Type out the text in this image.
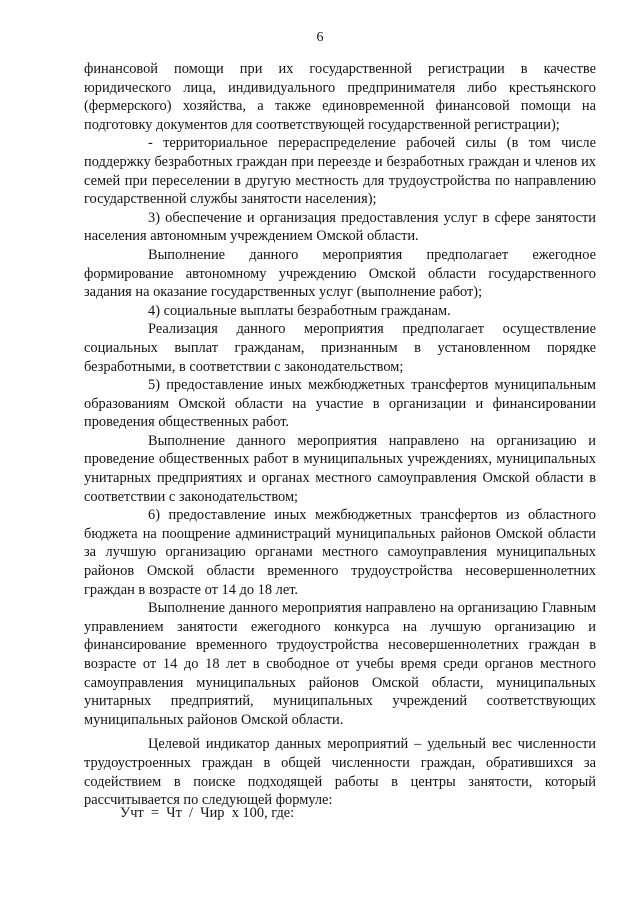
6

финансовой помощи при их государственной регистрации в качестве юридического лица, индивидуального предпринимателя либо крестьянского (фермерского) хозяйства, а также единовременной финансовой помощи на подготовку документов для соответствующей государственной регистрации);

- территориальное перераспределение рабочей силы (в том числе поддержку безработных граждан при переезде и безработных граждан и членов их семей при переселении в другую местность для трудоустройства по направлению государственной службы занятости населения);

3) обеспечение и организация предоставления услуг в сфере занятости населения автономным учреждением Омской области.

Выполнение данного мероприятия предполагает ежегодное формирование автономному учреждению Омской области государственного задания на оказание государственных услуг (выполнение работ);

4) социальные выплаты безработным гражданам.

Реализация данного мероприятия предполагает осуществление социальных выплат гражданам, признанным в установленном порядке безработными, в соответствии с законодательством;

5) предоставление иных межбюджетных трансфертов муниципальным образованиям Омской области на участие в организации и финансировании проведения общественных работ.

Выполнение данного мероприятия направлено на организацию и проведение общественных работ в муниципальных учреждениях, муниципальных унитарных предприятиях и органах местного самоуправления Омской области в соответствии с законодательством;

6) предоставление иных межбюджетных трансфертов из областного бюджета на поощрение администраций муниципальных районов Омской области за лучшую организацию органами местного самоуправления муниципальных районов Омской области временного трудоустройства несовершеннолетних граждан в возрасте от 14 до 18 лет.

Выполнение данного мероприятия направлено на организацию Главным управлением занятости ежегодного конкурса на лучшую организацию и финансирование временного трудоустройства несовершеннолетних граждан в возрасте от 14 до 18 лет в свободное от учебы время среди органов местного самоуправления муниципальных районов Омской области, муниципальных унитарных предприятий, муниципальных учреждений соответствующих муниципальных районов Омской области.

Целевой индикатор данных мероприятий – удельный вес численности трудоустроенных граждан в общей численности граждан, обратившихся за содействием в поиске подходящей работы в центры занятости, который рассчитывается по следующей формуле:

Учт  =  Чт  /  Чир  х 100, где:
